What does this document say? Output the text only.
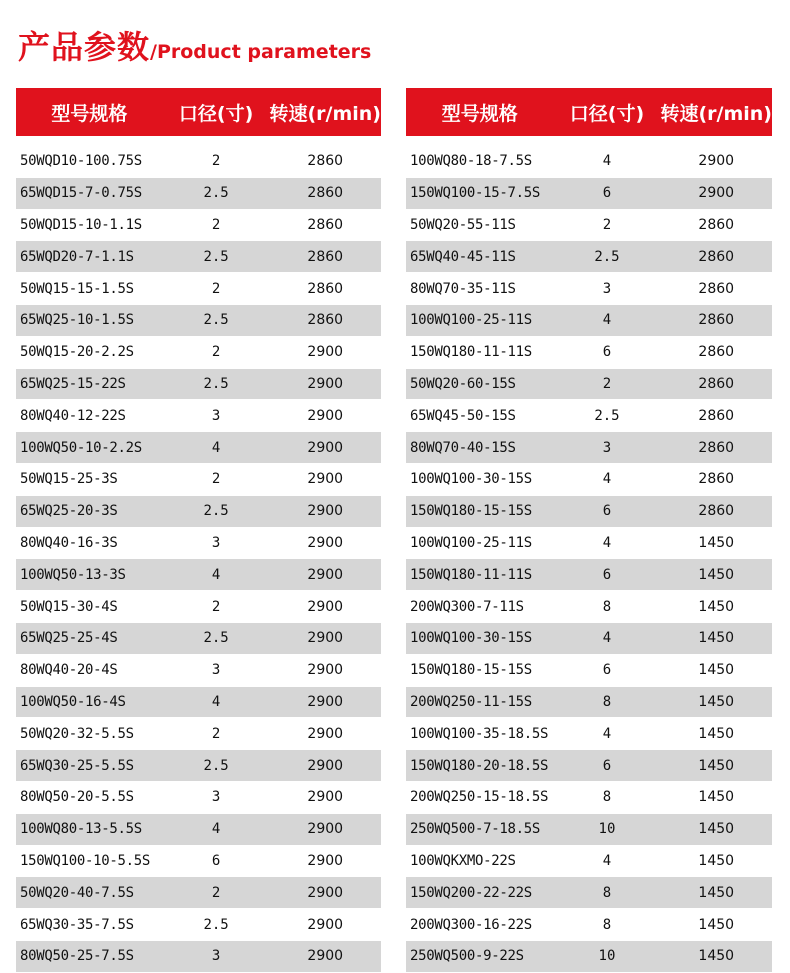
产品参数/Product parameters
型号规格	口径(寸)	转速(r/min)

50WQD10-100.75S	2	2860
65WQD15-7-0.75S	2.5	2860
50WQD15-10-1.1S	2	2860
65WQD20-7-1.1S	2.5	2860
50WQ15-15-1.5S	2	2860
65WQ25-10-1.5S	2.5	2860
50WQ15-20-2.2S	2	2900
65WQ25-15-22S	2.5	2900
80WQ40-12-22S	3	2900
100WQ50-10-2.2S	4	2900
50WQ15-25-3S	2	2900
65WQ25-20-3S	2.5	2900
80WQ40-16-3S	3	2900
100WQ50-13-3S	4	2900
50WQ15-30-4S	2	2900
65WQ25-25-4S	2.5	2900
80WQ40-20-4S	3	2900
100WQ50-16-4S	4	2900
50WQ20-32-5.5S	2	2900
65WQ30-25-5.5S	2.5	2900
80WQ50-20-5.5S	3	2900
100WQ80-13-5.5S	4	2900
150WQ100-10-5.5S	6	2900
50WQ20-40-7.5S	2	2900
65WQ30-35-7.5S	2.5	2900
80WQ50-25-7.5S	3	2900
型号规格	口径(寸)	转速(r/min)

100WQ80-18-7.5S	4	2900
150WQ100-15-7.5S	6	2900
50WQ20-55-11S	2	2860
65WQ40-45-11S	2.5	2860
80WQ70-35-11S	3	2860
100WQ100-25-11S	4	2860
150WQ180-11-11S	6	2860
50WQ20-60-15S	2	2860
65WQ45-50-15S	2.5	2860
80WQ70-40-15S	3	2860
100WQ100-30-15S	4	2860
150WQ180-15-15S	6	2860
100WQ100-25-11S	4	1450
150WQ180-11-11S	6	1450
200WQ300-7-11S	8	1450
100WQ100-30-15S	4	1450
150WQ180-15-15S	6	1450
200WQ250-11-15S	8	1450
100WQ100-35-18.5S	4	1450
150WQ180-20-18.5S	6	1450
200WQ250-15-18.5S	8	1450
250WQ500-7-18.5S	10	1450
100WQKXMO-22S	4	1450
150WQ200-22-22S	8	1450
200WQ300-16-22S	8	1450
250WQ500-9-22S	10	1450
